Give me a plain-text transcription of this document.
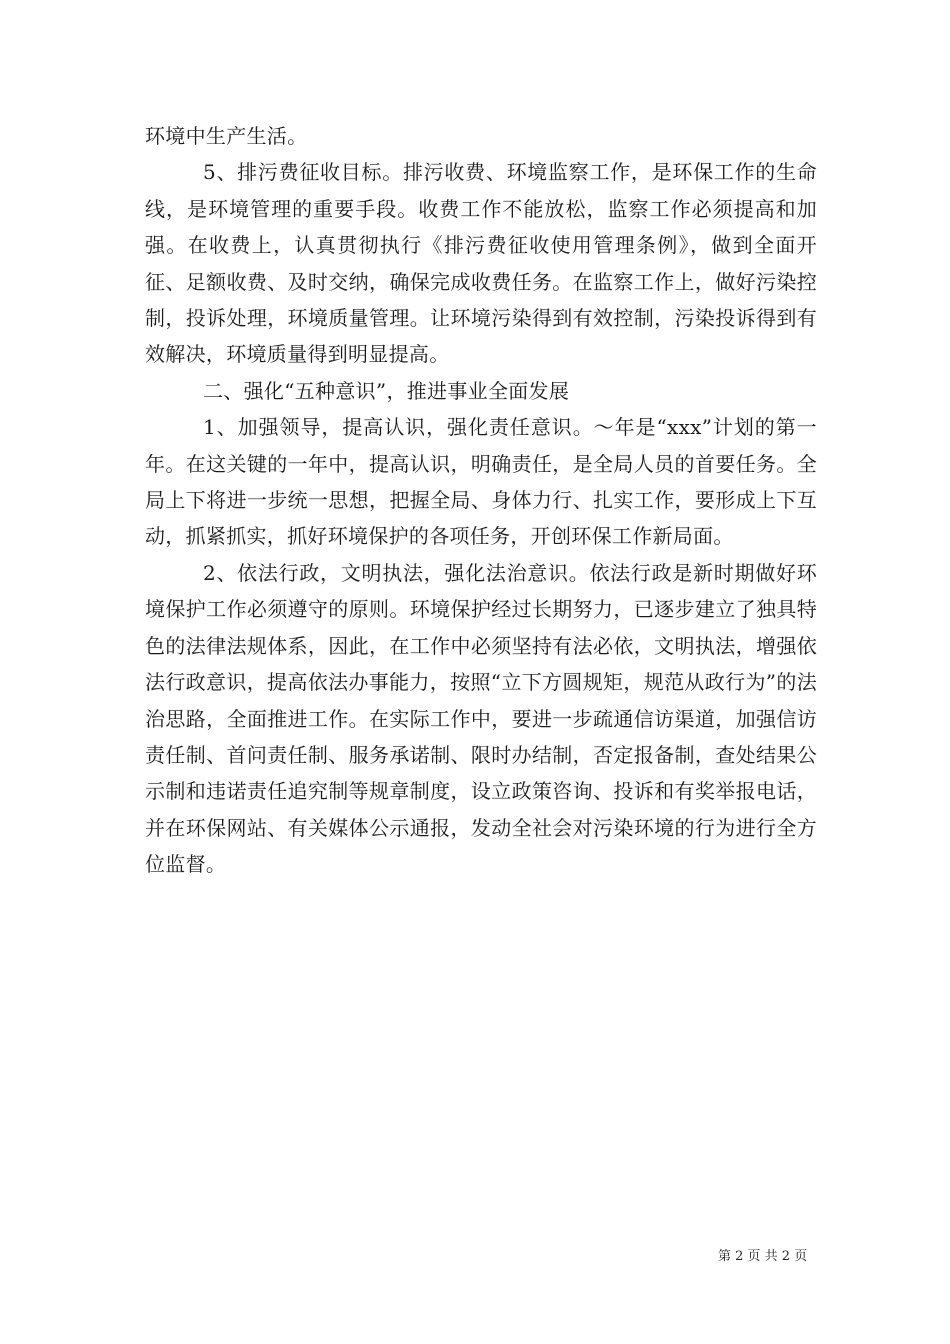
环境中生产生活。

5、排污费征收目标。排污收费、环境监察工作，是环保工作的生命线，是环境管理的重要手段。收费工作不能放松，监察工作必须提高和加强。在收费上，认真贯彻执行《排污费征收使用管理条例》，做到全面开征、足额收费、及时交纳，确保完成收费任务。在监察工作上，做好污染控制，投诉处理，环境质量管理。让环境污染得到有效控制，污染投诉得到有效解决，环境质量得到明显提高。

二、强化“五种意识”，推进事业全面发展

1、加强领导，提高认识，强化责任意识。～年是“xxx”计划的第一年。在这关键的一年中，提高认识，明确责任，是全局人员的首要任务。全局上下将进一步统一思想，把握全局、身体力行、扎实工作，要形成上下互动，抓紧抓实，抓好环境保护的各项任务，开创环保工作新局面。

2、依法行政，文明执法，强化法治意识。依法行政是新时期做好环境保护工作必须遵守的原则。环境保护经过长期努力，已逐步建立了独具特色的法律法规体系，因此，在工作中必须坚持有法必依，文明执法，增强依法行政意识，提高依法办事能力，按照“立下方圆规矩，规范从政行为”的法治思路，全面推进工作。在实际工作中，要进一步疏通信访渠道，加强信访责任制、首问责任制、服务承诺制、限时办结制，否定报备制，查处结果公示制和违诺责任追究制等规章制度，设立政策咨询、投诉和有奖举报电话，并在环保网站、有关媒体公示通报，发动全社会对污染环境的行为进行全方位监督。

第 2 页 共 2 页
